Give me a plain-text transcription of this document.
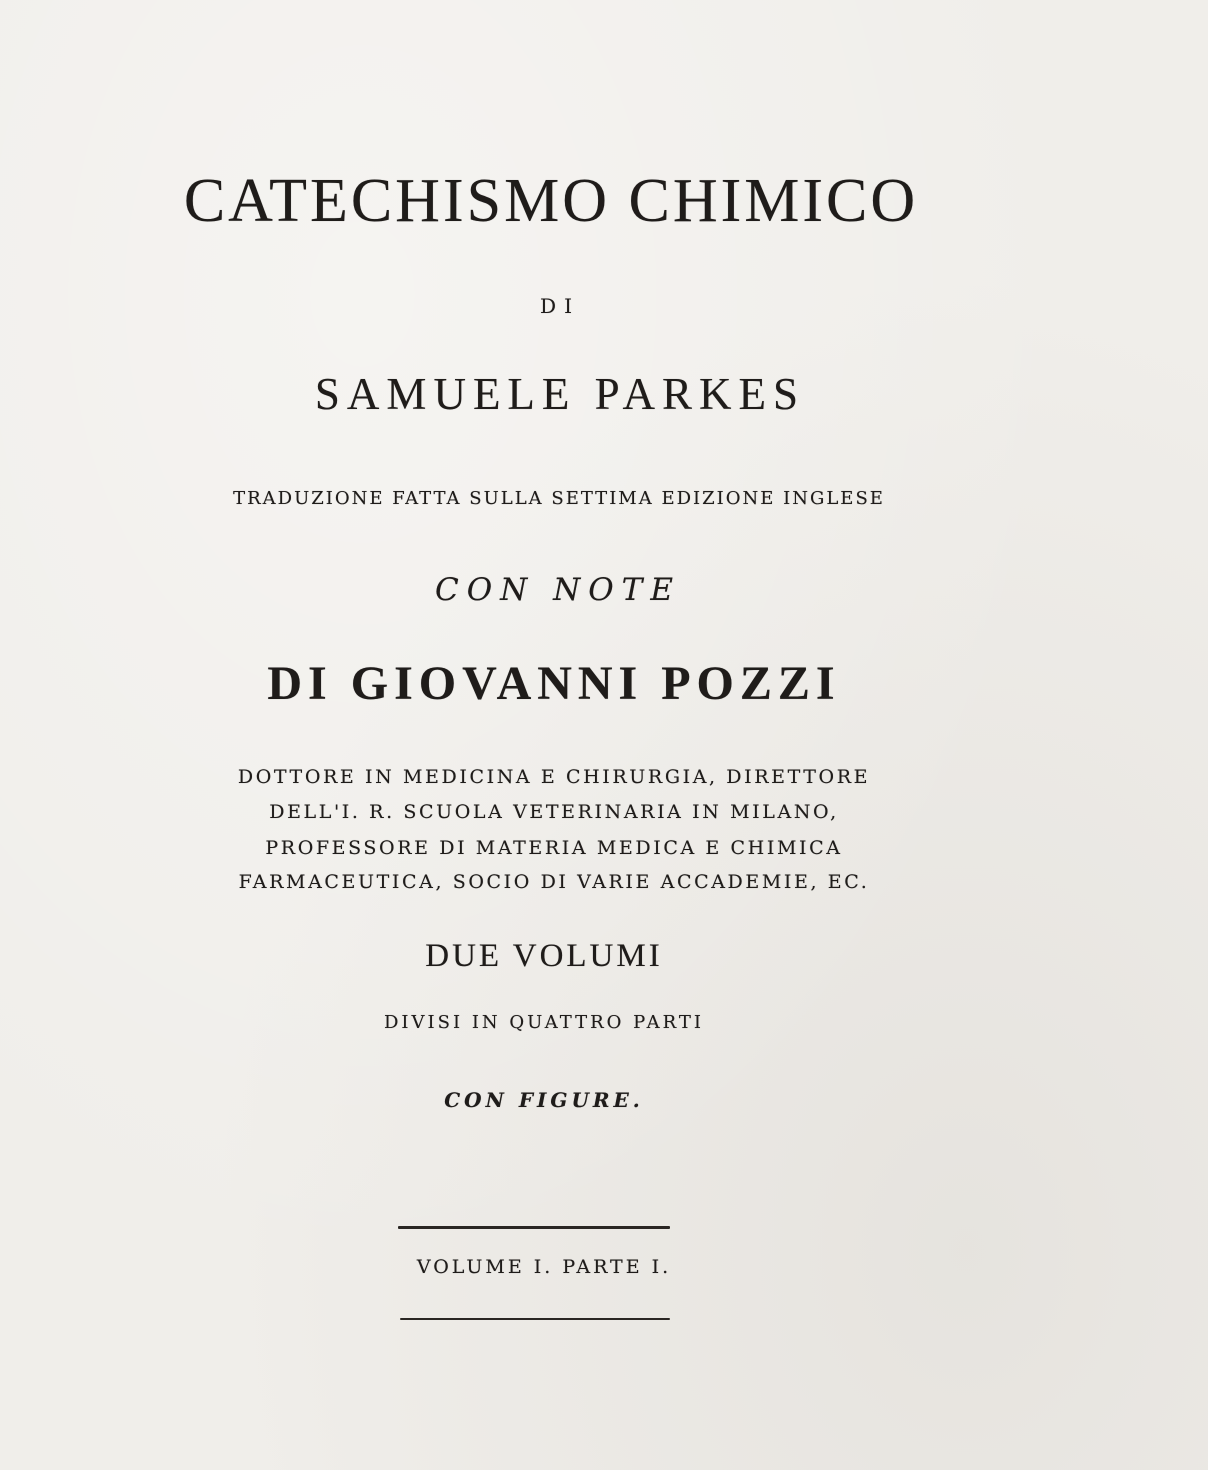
CATECHISMO CHIMICO
DI
SAMUELE PARKES
TRADUZIONE FATTA SULLA SETTIMA EDIZIONE INGLESE
CON NOTE
DI GIOVANNI POZZI
DOTTORE IN MEDICINA E CHIRURGIA, DIRETTORE
DELL'I. R. SCUOLA VETERINARIA IN MILANO,
PROFESSORE DI MATERIA MEDICA E CHIMICA
FARMACEUTICA, SOCIO DI VARIE ACCADEMIE, EC.
DUE VOLUMI
DIVISI IN QUATTRO PARTI
CON FIGURE.
VOLUME I. PARTE I.
